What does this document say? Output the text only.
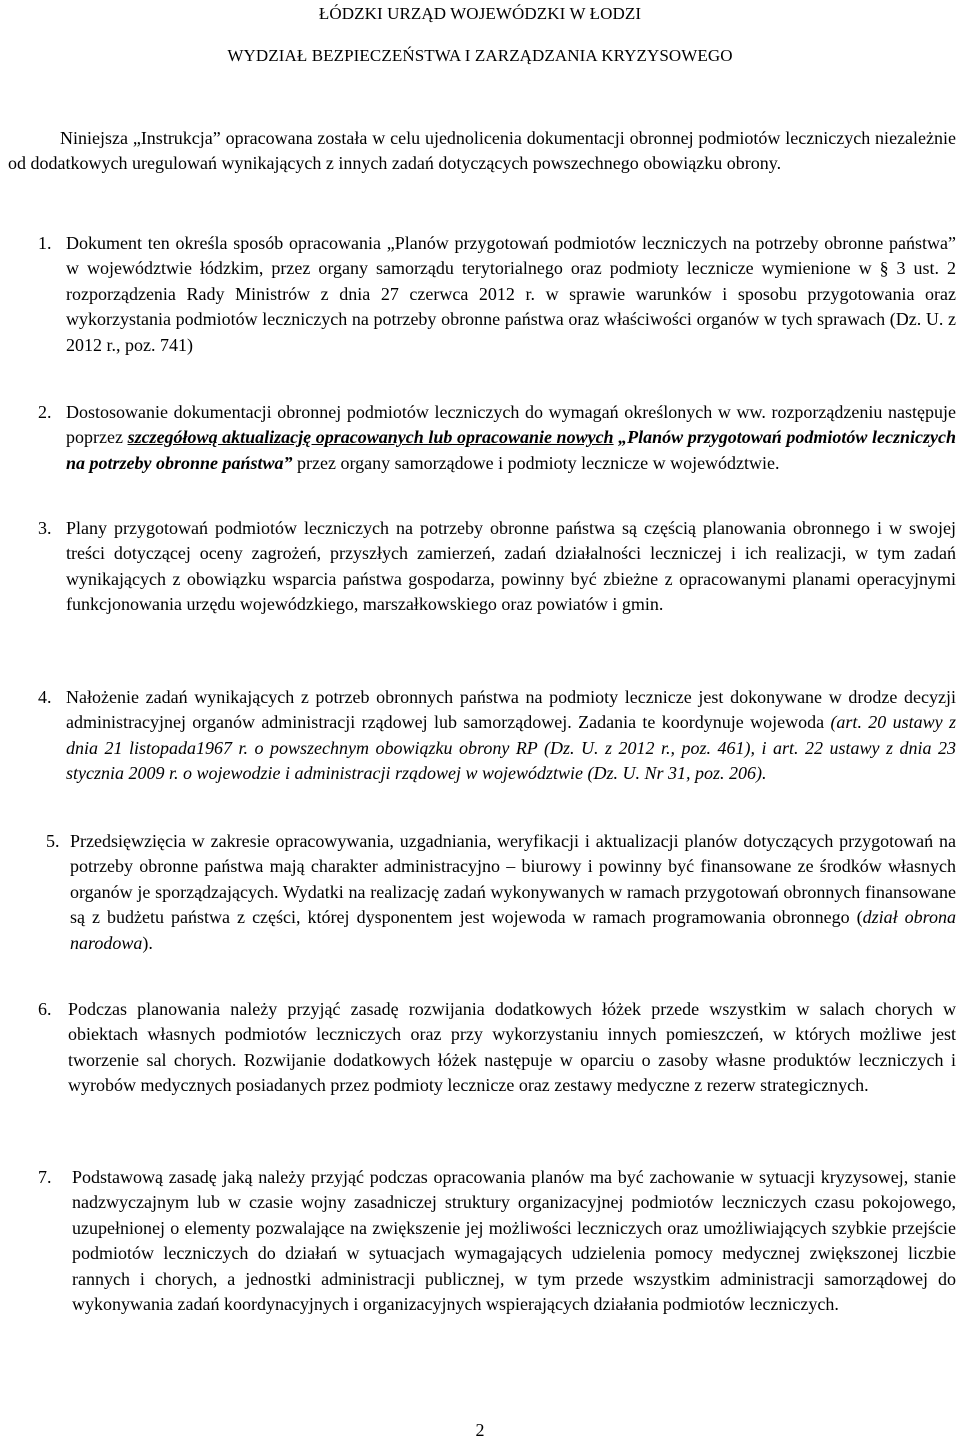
ŁÓDZKI URZĄD WOJEWÓDZKI W ŁODZI
WYDZIAŁ BEZPIECZEŃSTWA I ZARZĄDZANIA KRYZYSOWEGO

Niniejsza „Instrukcja” opracowana została w celu ujednolicenia dokumentacji obronnej podmiotów leczniczych niezależnie od dodatkowych uregulowań wynikających z innych zadań dotyczących powszechnego obowiązku obrony.

1. Dokument ten określa sposób opracowania „Planów przygotowań podmiotów leczniczych na potrzeby obronne państwa” w województwie łódzkim, przez organy samorządu terytorialnego oraz podmioty lecznicze wymienione w § 3 ust. 2 rozporządzenia Rady Ministrów z dnia 27 czerwca 2012 r. w sprawie warunków i sposobu przygotowania oraz wykorzystania podmiotów leczniczych na potrzeby obronne państwa oraz właściwości organów w tych sprawach (Dz. U. z 2012 r., poz. 741)

2. Dostosowanie dokumentacji obronnej podmiotów leczniczych do wymagań określonych w ww. rozporządzeniu następuje poprzez szczegółową aktualizację opracowanych lub opracowanie nowych „Planów przygotowań podmiotów leczniczych na potrzeby obronne państwa” przez organy samorządowe i podmioty lecznicze w województwie.

3. Plany przygotowań podmiotów leczniczych na potrzeby obronne państwa są częścią planowania obronnego i w swojej treści dotyczącej oceny zagrożeń, przyszłych zamierzeń, zadań działalności leczniczej i ich realizacji, w tym zadań wynikających z obowiązku wsparcia państwa gospodarza, powinny być zbieżne z opracowanymi planami operacyjnymi funkcjonowania urzędu wojewódzkiego, marszałkowskiego oraz powiatów i gmin.

4. Nałożenie zadań wynikających z potrzeb obronnych państwa na podmioty lecznicze jest dokonywane w drodze decyzji administracyjnej organów administracji rządowej lub samorządowej. Zadania te koordynuje wojewoda (art. 20 ustawy z dnia 21 listopada1967 r. o powszechnym obowiązku obrony RP (Dz. U. z 2012 r., poz. 461), i art. 22 ustawy z dnia 23 stycznia 2009 r. o wojewodzie i administracji rządowej w województwie (Dz. U. Nr 31, poz. 206).

5. Przedsięwzięcia w zakresie opracowywania, uzgadniania, weryfikacji i aktualizacji planów dotyczących przygotowań na potrzeby obronne państwa mają charakter administracyjno – biurowy i powinny być finansowane ze środków własnych organów je sporządzających. Wydatki na realizację zadań wykonywanych w ramach przygotowań obronnych finansowane są z budżetu państwa z części, której dysponentem jest wojewoda w ramach programowania obronnego (dział obrona narodowa).

6. Podczas planowania należy przyjąć zasadę rozwijania dodatkowych łóżek przede wszystkim w salach chorych w obiektach własnych podmiotów leczniczych oraz przy wykorzystaniu innych pomieszczeń, w których możliwe jest tworzenie sal chorych. Rozwijanie dodatkowych łóżek następuje w oparciu o zasoby własne produktów leczniczych i wyrobów medycznych posiadanych przez podmioty lecznicze oraz zestawy medyczne z rezerw strategicznych.

7. Podstawową zasadę jaką należy przyjąć podczas opracowania planów ma być zachowanie w sytuacji kryzysowej, stanie nadzwyczajnym lub w czasie wojny zasadniczej struktury organizacyjnej podmiotów leczniczych czasu pokojowego, uzupełnionej o elementy pozwalające na zwiększenie jej możliwości leczniczych oraz umożliwiających szybkie przejście podmiotów leczniczych do działań w sytuacjach wymagających udzielenia pomocy medycznej zwiększonej liczbie rannych i chorych, a jednostki administracji publicznej, w tym przede wszystkim administracji samorządowej do wykonywania zadań koordynacyjnych i organizacyjnych wspierających działania podmiotów leczniczych.

2
